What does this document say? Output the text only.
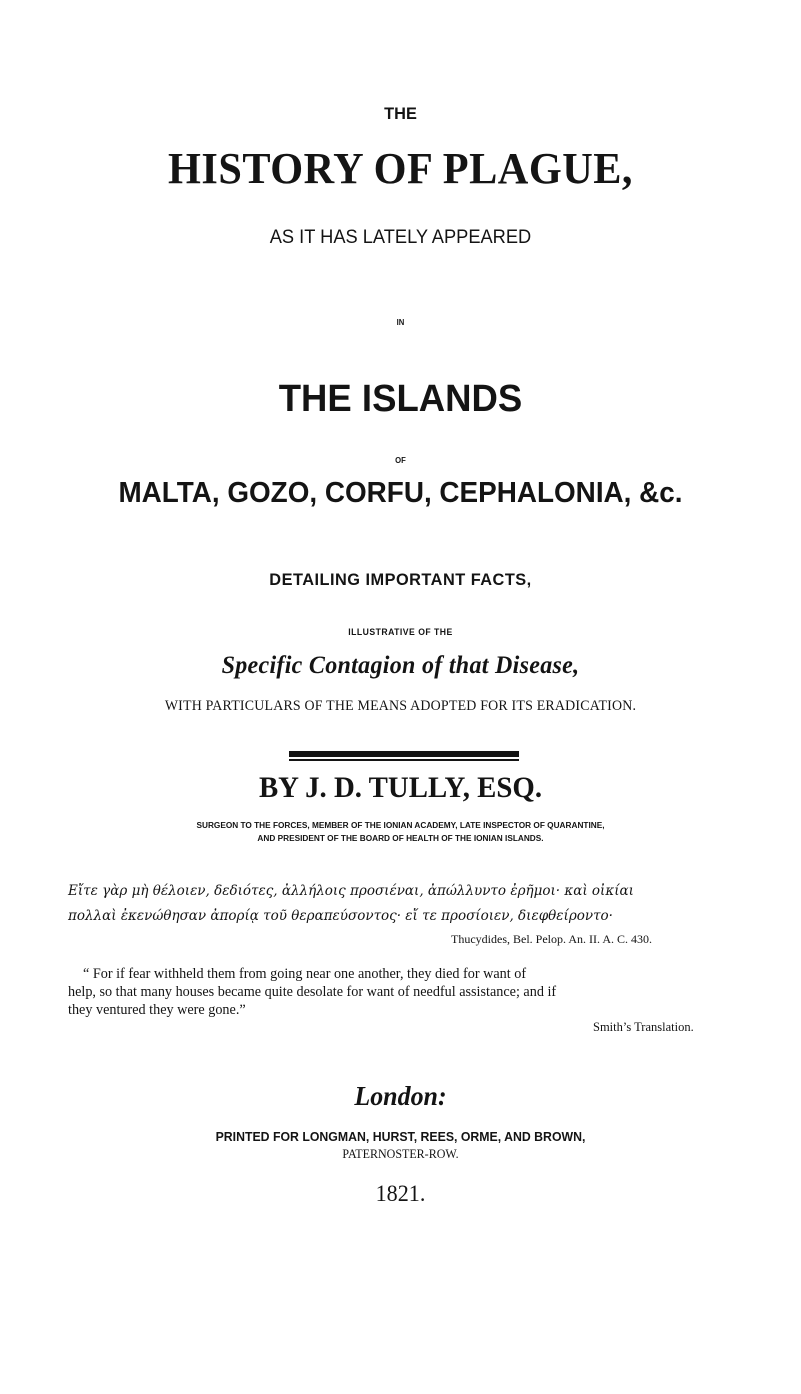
THE

HISTORY OF PLAGUE,

AS IT HAS LATELY APPEARED

IN

THE ISLANDS

OF

MALTA, GOZO, CORFU, CEPHALONIA, &c.

DETAILING IMPORTANT FACTS,

ILLUSTRATIVE OF THE

Specific Contagion of that Disease,

WITH PARTICULARS OF THE MEANS ADOPTED FOR ITS ERADICATION.

BY J. D. TULLY, ESQ.

SURGEON TO THE FORCES, MEMBER OF THE IONIAN ACADEMY, LATE INSPECTOR OF QUARANTINE,

AND PRESIDENT OF THE BOARD OF HEALTH OF THE IONIAN ISLANDS.

Εἴτε γὰρ μὴ θέλοιεν, δεδιότες, ἀλλήλοις προσιέναι, ἀπώλλυντο ἐρῆμοι· καὶ οἰκίαι

πολλαὶ ἐκενώθησαν ἀπορίᾳ τοῦ θεραπεύσοντος· εἴ τε προσίοιεν, διεφθείροντο·

Thucydides, Bel. Pelop. An. II. A. C. 430.

“ For if fear withheld them from going near one another, they died for want of

help, so that many houses became quite desolate for want of needful assistance; and if

they ventured they were gone.”

Smith’s Translation.

London:

PRINTED FOR LONGMAN, HURST, REES, ORME, AND BROWN,

PATERNOSTER-ROW.

1821.
